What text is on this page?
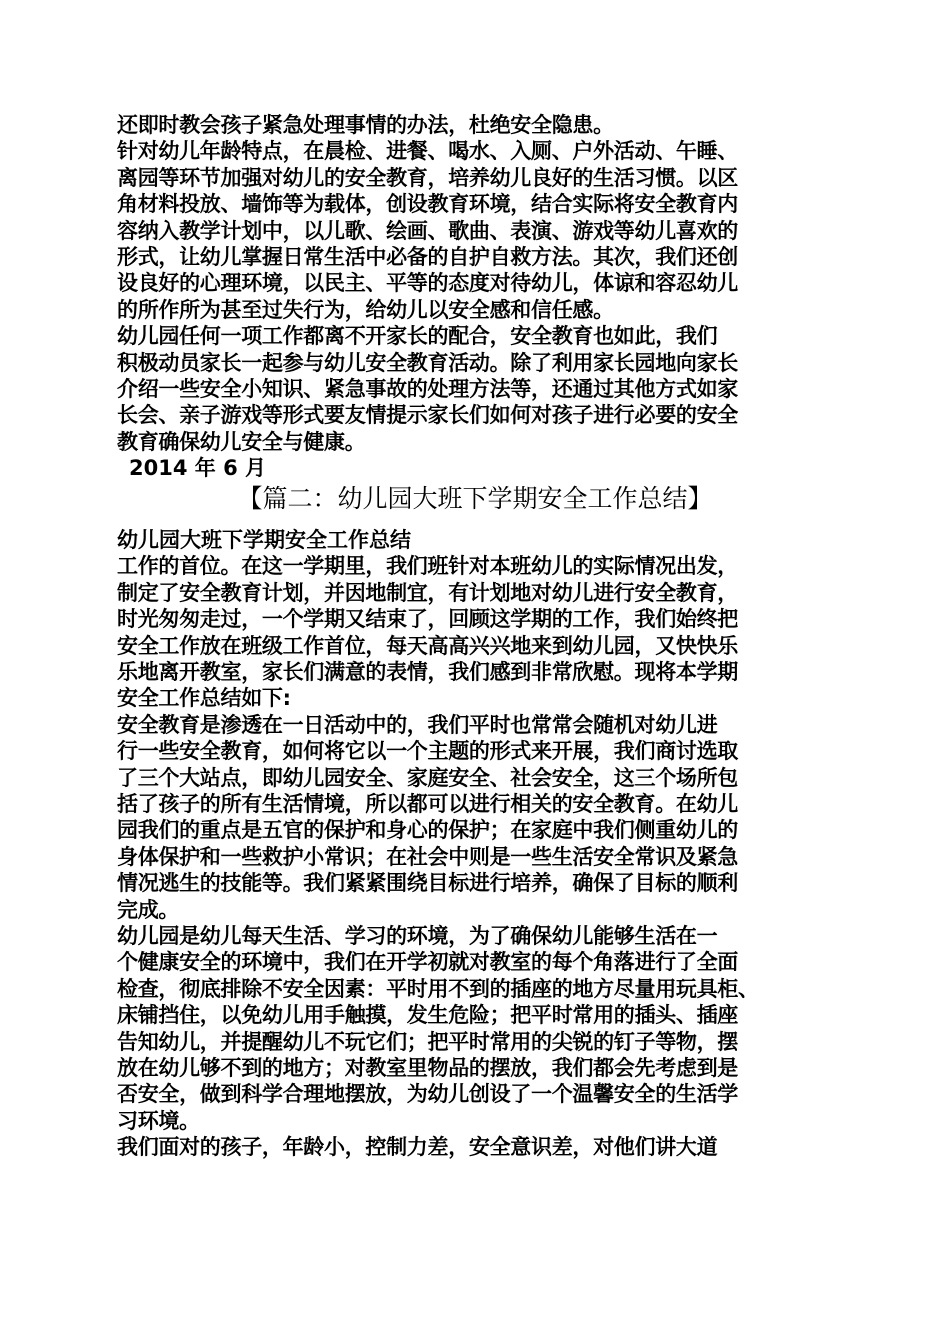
还即时教会孩子紧急处理事情的办法，杜绝安全隐患。
针对幼儿年龄特点，在晨检、进餐、喝水、入厕、户外活动、午睡、
离园等环节加强对幼儿的安全教育，培养幼儿良好的生活习惯。以区
角材料投放、墙饰等为载体，创设教育环境，结合实际将安全教育内
容纳入教学计划中，以儿歌、绘画、歌曲、表演、游戏等幼儿喜欢的
形式，让幼儿掌握日常生活中必备的自护自救方法。其次，我们还创
设良好的心理环境，以民主、平等的态度对待幼儿，体谅和容忍幼儿
的所作所为甚至过失行为，给幼儿以安全感和信任感。
幼儿园任何一项工作都离不开家长的配合，安全教育也如此，我们
积极动员家长一起参与幼儿安全教育活动。除了利用家长园地向家长
介绍一些安全小知识、紧急事故的处理方法等，还通过其他方式如家
长会、亲子游戏等形式要友情提示家长们如何对孩子进行必要的安全
教育确保幼儿安全与健康。
2014 年 6 月
【篇二：幼儿园大班下学期安全工作总结】
幼儿园大班下学期安全工作总结
工作的首位。在这一学期里，我们班针对本班幼儿的实际情况出发，
制定了安全教育计划，并因地制宜，有计划地对幼儿进行安全教育，
时光匆匆走过，一个学期又结束了，回顾这学期的工作，我们始终把
安全工作放在班级工作首位，每天高高兴兴地来到幼儿园，又快快乐
乐地离开教室，家长们满意的表情，我们感到非常欣慰。现将本学期
安全工作总结如下:
安全教育是渗透在一日活动中的，我们平时也常常会随机对幼儿进
行一些安全教育，如何将它以一个主题的形式来开展，我们商讨选取
了三个大站点，即幼儿园安全、家庭安全、社会安全，这三个场所包
括了孩子的所有生活情境，所以都可以进行相关的安全教育。在幼儿
园我们的重点是五官的保护和身心的保护；在家庭中我们侧重幼儿的
身体保护和一些救护小常识；在社会中则是一些生活安全常识及紧急
情况逃生的技能等。我们紧紧围绕目标进行培养，确保了目标的顺利
完成。
幼儿园是幼儿每天生活、学习的环境，为了确保幼儿能够生活在一
个健康安全的环境中，我们在开学初就对教室的每个角落进行了全面
检查，彻底排除不安全因素：平时用不到的插座的地方尽量用玩具柜、
床铺挡住，以免幼儿用手触摸，发生危险；把平时常用的插头、插座
告知幼儿，并提醒幼儿不玩它们；把平时常用的尖锐的钉子等物，摆
放在幼儿够不到的地方；对教室里物品的摆放，我们都会先考虑到是
否安全，做到科学合理地摆放，为幼儿创设了一个温馨安全的生活学
习环境。
我们面对的孩子，年龄小，控制力差，安全意识差，对他们讲大道
